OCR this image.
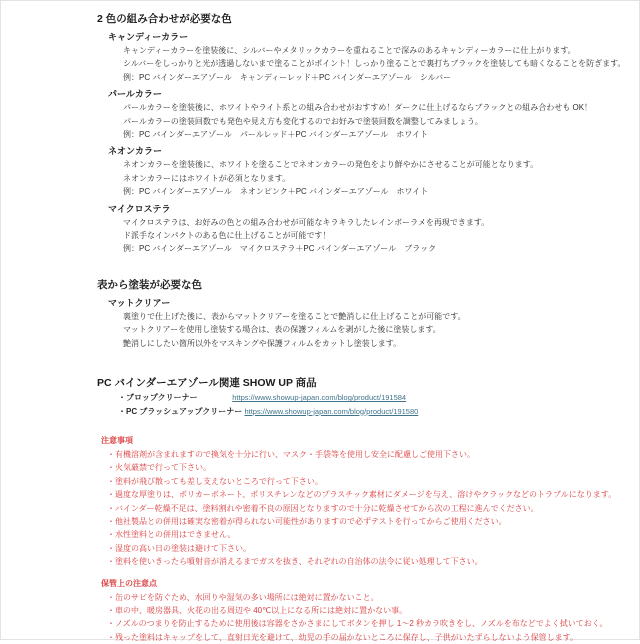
2 色の組み合わせが必要な色
キャンディーカラー
キャンディーカラーを塗装後に、シルバーやメタリックカラーを重ねることで深みのあるキャンディーカラーに仕上がります。
シルバーをしっかりと光が透過しないまで塗ることがポイント！しっかり塗ることで裏打ちブラックを塗装しても暗くなることを防ぎます。
例：PC バインダーエアゾール　キャンディーレッド＋PC バインダーエアゾール　シルバー
パールカラー
パールカラーを塗装後に、ホワイトやライト系との組み合わせがおすすめ！ダークに仕上げるならブラックとの組み合わせも OK！
パールカラーの塗装回数でも発色や見え方も変化するのでお好みで塗装回数を調整してみましょう。
例：PC バインダーエアゾール　パールレッド＋PC バインダーエアゾール　ホワイト
ネオンカラー
ネオンカラーを塗装後に、ホワイトを塗ることでネオンカラーの発色をより鮮やかにさせることが可能となります。
ネオンカラーにはホワイトが必須となります。
例：PC バインダーエアゾール　ネオンピンク＋PC バインダーエアゾール　ホワイト
マイクロステラ
マイクロステラは、お好みの色との組み合わせが可能なキラキラしたレインボーラメを再現できます。
ド派手なインパクトのある色に仕上げることが可能です！
例：PC バインダーエアゾール　マイクロステラ＋PC バインダーエアゾール　ブラック
表から塗装が必要な色
マットクリアー
裏塗りで仕上げた後に、表からマットクリアーを塗ることで艶消しに仕上げることが可能です。
マットクリアーを使用し塗装する場合は、表の保護フィルムを剥がした後に塗装します。
艶消しにしたい箇所以外をマスキングや保護フィルムをカットし塗装します。
PC バインダーエアゾール関連 SHOW UP 商品
・ブロップクリーナー	https://www.showup-japan.com/blog/product/191584
・PC ブラッシュアップクリーナー https://www.showup-japan.com/blog/product/191580
注意事項
・有機溶剤が含まれますので換気を十分に行い、マスク・手袋等を使用し安全に配慮しご使用下さい。
・火気厳禁で行って下さい。
・塗料が飛び散っても差し支えないところで行って下さい。
・過度な厚塗りは、ポリカーボネート、ポリスチレンなどのプラスチック素材にダメージを与え、溶けやクラックなどのトラブルになります。
・バインダー乾燥不足は、塗料割れや密着不良の原因となりますので十分に乾燥させてから次の工程に進んでください。
・他社製品との併用は確実な密着が得られない可能性がありますので必ずテストを行ってからご使用ください。
・水性塗料との併用はできません。
・湿度の高い日の塗装は避けて下さい。
・塗料を使いきったら噴射音が消えるまでガスを抜き、それぞれの自治体の法令に従い処理して下さい。
保管上の注意点
・缶のサビを防ぐため、水回りや湿気の多い場所には絶対に置かないこと。
・車の中、暖房器具、火花の出る周辺や 40℃以上になる所には絶対に置かない事。
・ノズルのつまりを防止するために使用後は容器をさかさまにしてボタンを押し 1～2 秒カラ吹きをし、ノズルを布などでよく拭いておく。
・残った塗料はキャップをして、直射日光を避けて、幼児の手の届かないところに保存し、子供がいたずらしないよう保管します。
